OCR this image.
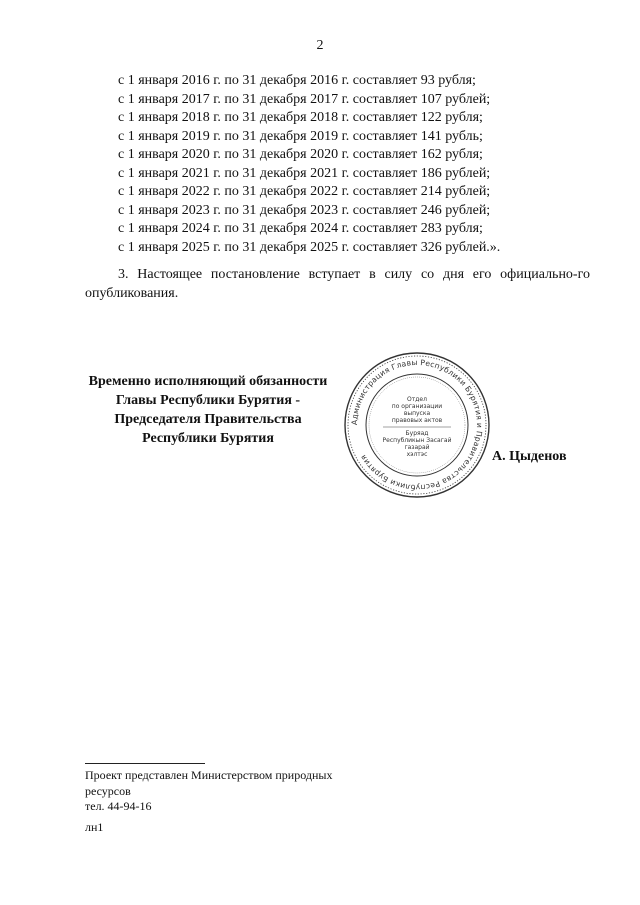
2
с 1 января 2016 г. по 31 декабря 2016 г. составляет 93 рубля;
с 1 января 2017 г. по 31 декабря 2017 г. составляет 107 рублей;
с 1 января 2018 г. по 31 декабря 2018 г. составляет 122 рубля;
с 1 января 2019 г. по 31 декабря 2019 г. составляет 141 рубль;
с 1 января 2020 г. по 31 декабря 2020 г. составляет 162 рубля;
с 1 января 2021 г. по 31 декабря 2021 г. составляет 186 рублей;
с 1 января 2022 г. по 31 декабря 2022 г. составляет 214 рублей;
с 1 января 2023 г. по 31 декабря 2023 г. составляет 246 рублей;
с 1 января 2024 г. по 31 декабря 2024 г. составляет 283 рубля;
с 1 января 2025 г. по 31 декабря 2025 г. составляет 326 рублей.».
3. Настоящее постановление вступает в силу со дня его официально-го опубликования.
Временно исполняющий обязанности
Главы Республики Бурятия -
Председателя Правительства
Республики Бурятия
Администрация Главы Республики Бурятия и Правительства Республики Бурятия
Отдел
по организации
выпуска
правовых актов
Буряад
Республикын Засагай
газарай
хэлтэс	А. Цыденов
Проект представлен Министерством природных
ресурсов
тел. 44-94-16
лн1
